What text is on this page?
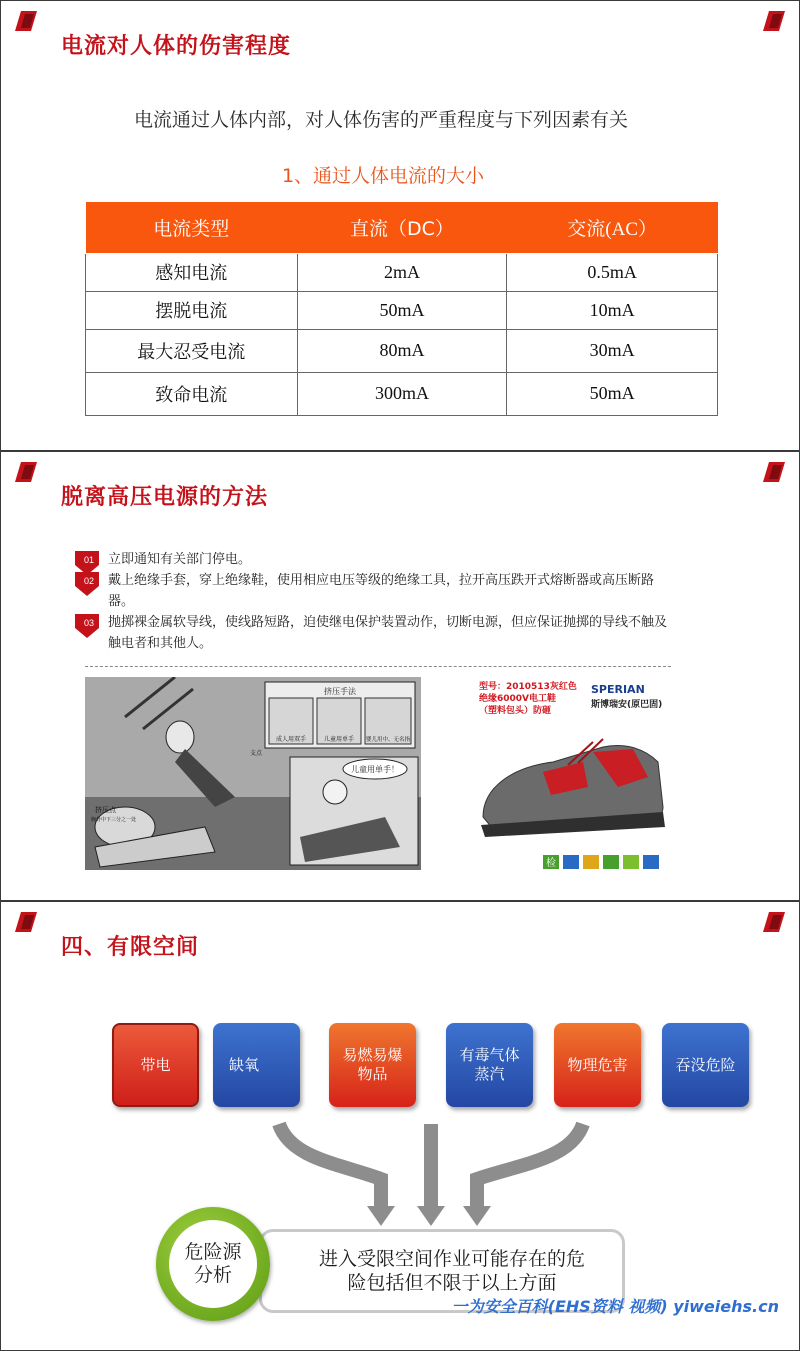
电流对人体的伤害程度
电流通过人体内部，对人体伤害的严重程度与下列因素有关
1、通过人体电流的大小
电流类型	直流（DC）	交流(AC）
感知电流	2mA	0.5mA
摆脱电流	50mA	10mA
最大忍受电流	80mA	30mA
致命电流	300mA	50mA
脱离高压电源的方法
01 立即通知有关部门停电。
02 戴上绝缘手套，穿上绝缘鞋，使用相应电压等级的绝缘工具，拉开高压跌开式熔断器或高压断路器。
03 抛掷裸金属软导线，使线路短路，迫使继电保护装置动作，切断电源，但应保证抛掷的导线不触及触电者和其他人。
挤压手法
成人用双手	儿童用单手 婴儿用中、无名指
儿童用单手！
挤压点
胸骨中下三分之一处
支点
型号：2010513灰红色
绝缘6000V电工鞋
（塑料包头）防砸
SPERIAN
斯博瑞安(原巴固)
检
四、有限空间
带电	缺氧
易燃易爆物品
有毒气体蒸汽
物理危害	吞没危险
进入受限空间作业可能存在的危险包括但不限于以上方面
危险源分析
一为安全百科(EHS资料 视频) yiweiehs.cn
